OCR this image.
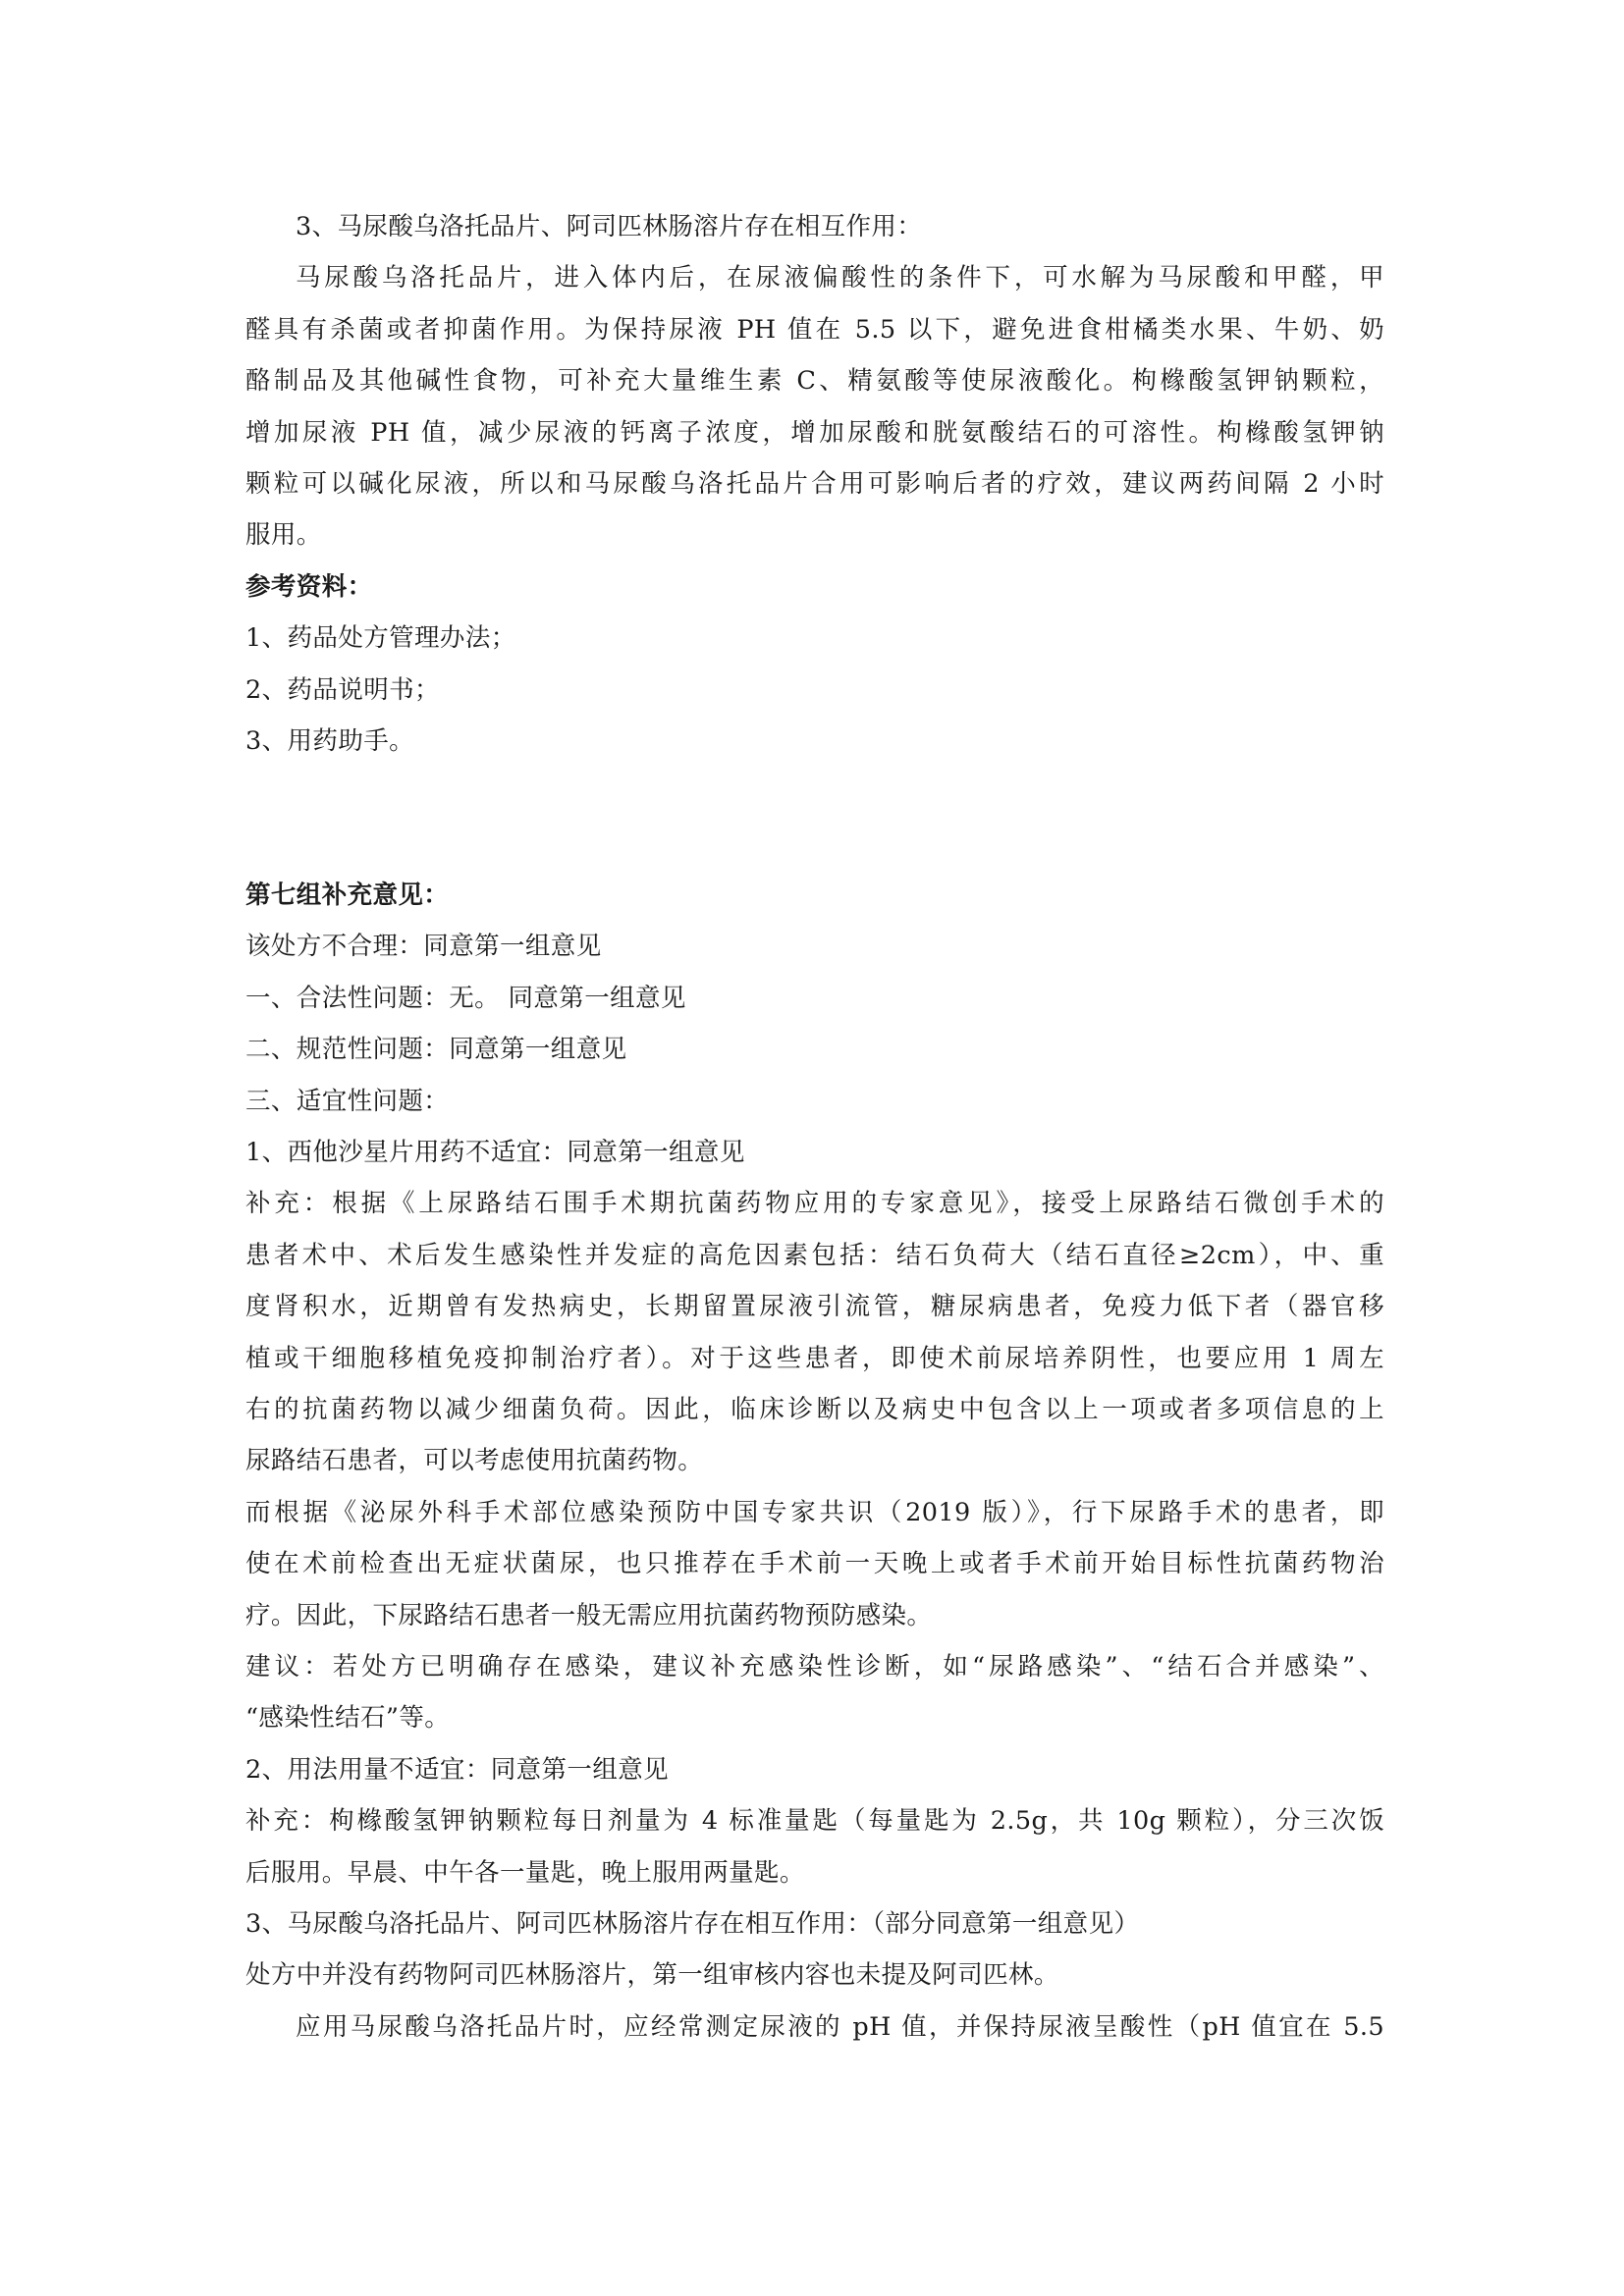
3、马尿酸乌洛托品片、阿司匹林肠溶片存在相互作用：
马尿酸乌洛托品片，进入体内后，在尿液偏酸性的条件下，可水解为马尿酸和甲醛，甲
醛具有杀菌或者抑菌作用。为保持尿液 PH 值在 5.5 以下，避免进食柑橘类水果、牛奶、奶
酪制品及其他碱性食物，可补充大量维生素 C、精氨酸等使尿液酸化。枸橼酸氢钾钠颗粒，
增加尿液 PH 值，减少尿液的钙离子浓度，增加尿酸和胱氨酸结石的可溶性。枸橼酸氢钾钠
颗粒可以碱化尿液，所以和马尿酸乌洛托品片合用可影响后者的疗效，建议两药间隔 2 小时
服用。
参考资料：
1、药品处方管理办法；
2、药品说明书；
3、用药助手。
第七组补充意见：
该处方不合理：同意第一组意见
一、合法性问题：无。 同意第一组意见
二、规范性问题：同意第一组意见
三、适宜性问题：
1、西他沙星片用药不适宜：同意第一组意见
补充：根据《上尿路结石围手术期抗菌药物应用的专家意见》，接受上尿路结石微创手术的
患者术中、术后发生感染性并发症的高危因素包括：结石负荷大（结石直径≥2cm），中、重
度肾积水，近期曾有发热病史，长期留置尿液引流管，糖尿病患者，免疫力低下者（器官移
植或干细胞移植免疫抑制治疗者）。对于这些患者，即使术前尿培养阴性，也要应用 1 周左
右的抗菌药物以减少细菌负荷。因此，临床诊断以及病史中包含以上一项或者多项信息的上
尿路结石患者，可以考虑使用抗菌药物。
而根据《泌尿外科手术部位感染预防中国专家共识（2019 版）》，行下尿路手术的患者，即
使在术前检查出无症状菌尿，也只推荐在手术前一天晚上或者手术前开始目标性抗菌药物治
疗。因此，下尿路结石患者一般无需应用抗菌药物预防感染。
建议：若处方已明确存在感染，建议补充感染性诊断，如“尿路感染”、“结石合并感染”、
“感染性结石”等。
2、用法用量不适宜：同意第一组意见
补充：枸橼酸氢钾钠颗粒每日剂量为 4 标准量匙（每量匙为 2.5g，共 10g 颗粒），分三次饭
后服用。早晨、中午各一量匙，晚上服用两量匙。
3、马尿酸乌洛托品片、阿司匹林肠溶片存在相互作用：（部分同意第一组意见）
处方中并没有药物阿司匹林肠溶片，第一组审核内容也未提及阿司匹林。
应用马尿酸乌洛托品片时，应经常测定尿液的 pH 值，并保持尿液呈酸性（pH 值宜在 5.5
